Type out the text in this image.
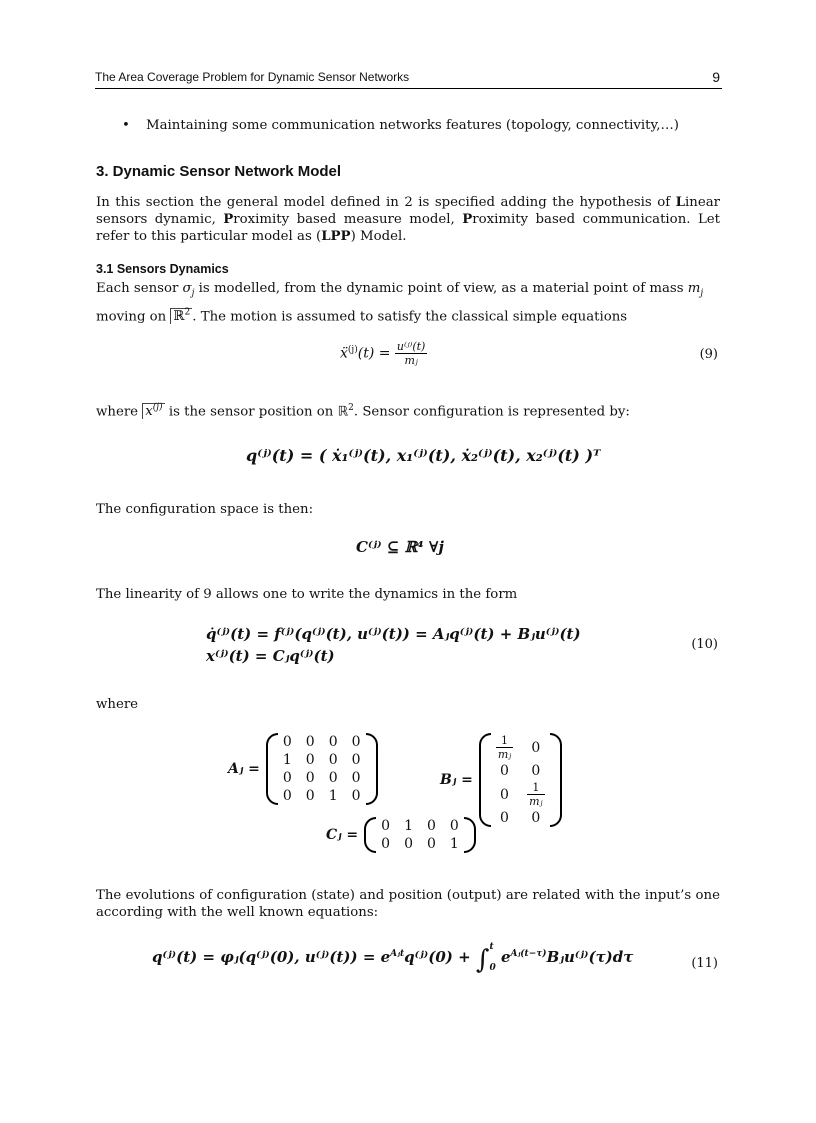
The Area Coverage Problem for Dynamic Sensor Networks	9
• Maintaining some communication networks features (topology, connectivity,…)
3. Dynamic Sensor Network Model
In this section the general model defined in 2 is specified adding the hypothesis of Linear sensors dynamic, Proximity based measure model, Proximity based communication. Let refer to this particular model as (LPP) Model.
3.1 Sensors Dynamics
Each sensor $\sigma_j$ is modelled, from the dynamic point of view, as a material point of mass $m_j$
moving on ℝ$^2$ . The motion is assumed to satisfy the classical simple equations
ẍ$^{(j)}$(t) = $\frac{\text{u⁽ʲ⁾(t)}}{\text{mⱼ}}$	(9)
where $x^{(j)}$ is the sensor position on ℝ$^2$. Sensor configuration is represented by:
q⁽ʲ⁾(t) = ( ẋ₁⁽ʲ⁾(t), x₁⁽ʲ⁾(t), ẋ₂⁽ʲ⁾(t), x₂⁽ʲ⁾(t) )ᵀ
The configuration space is then:
C⁽ʲ⁾ ⊆ ℝ⁴ ∀j
The linearity of 9 allows one to write the dynamics in the form
q̇⁽ʲ⁾(t) = f⁽ʲ⁾(q⁽ʲ⁾(t), u⁽ʲ⁾(t)) = Aⱼq⁽ʲ⁾(t) + Bⱼu⁽ʲ⁾(t)
x⁽ʲ⁾(t) = Cⱼq⁽ʲ⁾(t)
(10)
where
Aⱼ =
0	0	0	0
1	0	0	0
0	0	0	0
0	0	1	0
Bⱼ =
$\frac{1}{\text{mⱼ}}$	0
0	0
0	$\frac{1}{\text{mⱼ}}$

0	0
Cⱼ =
0	1	0	0
0	0	0	1
The evolutions of configuration (state) and position (output) are related with the input’s one according with the well known equations:
q⁽ʲ⁾(t) = φⱼ(q⁽ʲ⁾(0), u⁽ʲ⁾(t)) = $e^{Aⱼt}q^(ʲ^)(0)$ + ∫ t
0
$e^{Aⱼ(t-\tau)}Bⱼu^(ʲ^)(\tau)d\tau$	(11)
